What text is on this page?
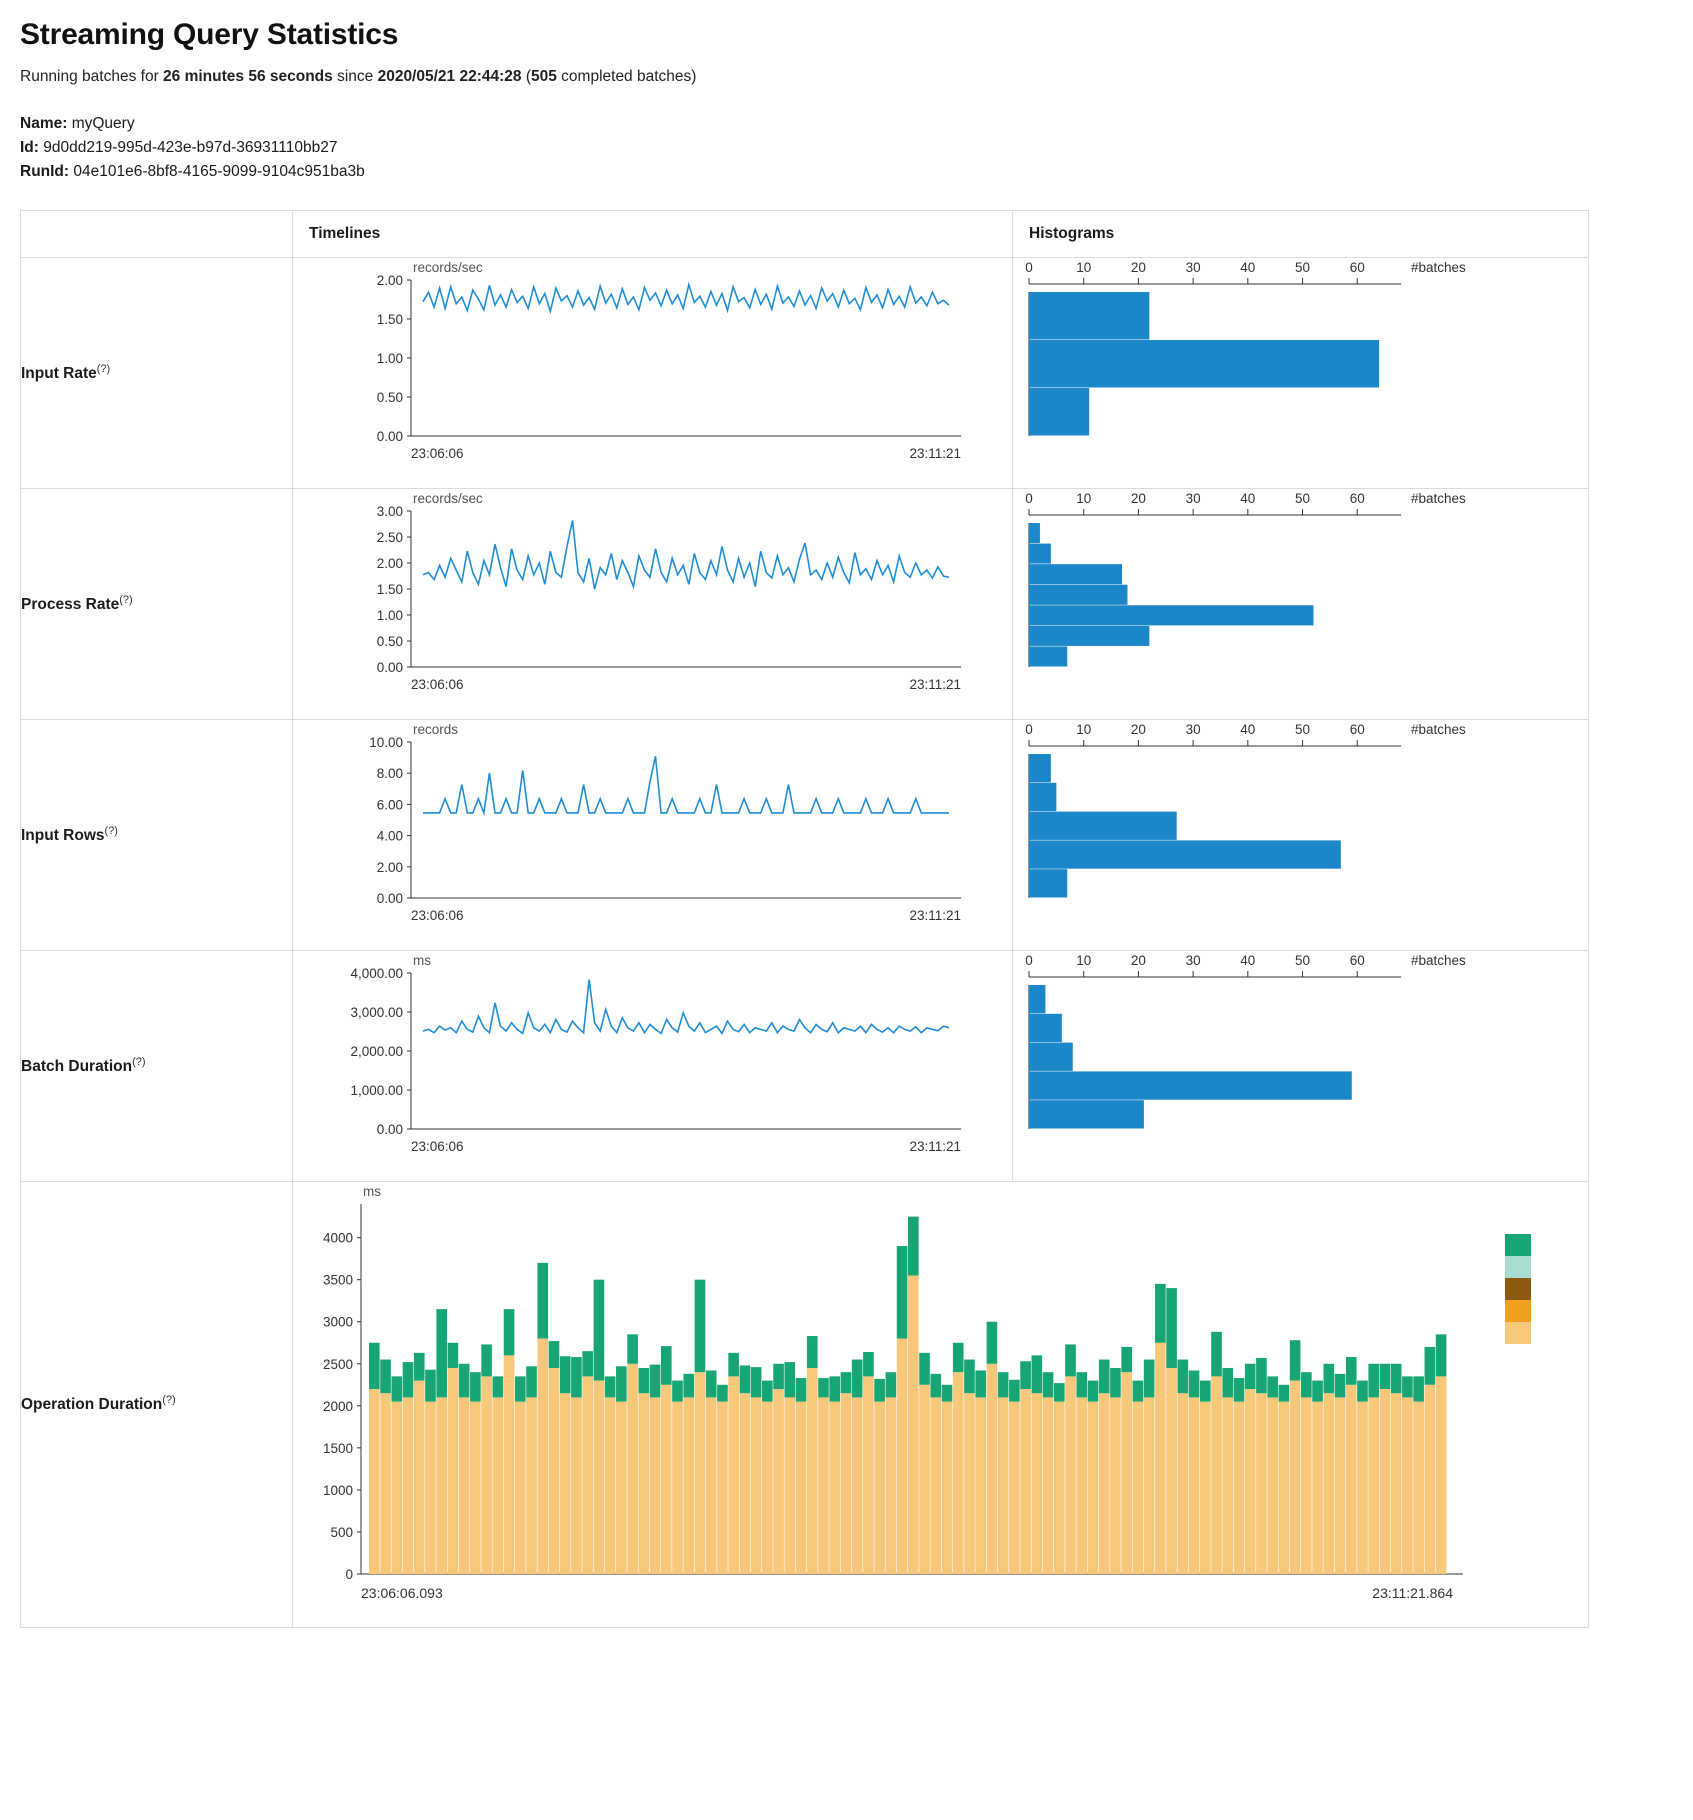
Streaming Query Statistics
Running batches for 26 minutes 56 seconds since 2020/05/21 22:44:28 (505 completed batches)
Name: myQuery
Id: 9d0dd219-995d-423e-b97d-36931110bb27
RunId: 04e101e6-8bf8-4165-9099-9104c951ba3b
	Timelines	Histograms
Input Rate(?)	
records/sec
0.00
0.50
1.00
1.50
2.00
23:06:06	23:11:21

0	10	20	30	40	50	60	#batches

Process Rate(?)	
records/sec
0.00
0.50
1.00
1.50
2.00
2.50
3.00
23:06:06	23:11:21

0	10	20	30	40	50	60	#batches

Input Rows(?)	
records
0.00
2.00
4.00
6.00
8.00
10.00
23:06:06	23:11:21

0	10	20	30	40	50	60	#batches

Batch Duration(?)	
ms
0.00
1,000.00
2,000.00
3,000.00
4,000.00
23:06:06	23:11:21

0	10	20	30	40	50	60	#batches

Operation Duration(?)	
ms
0
500
1000
1500
2000
2500
3000
3500
4000
23:06:06.093	23:11:21.864
